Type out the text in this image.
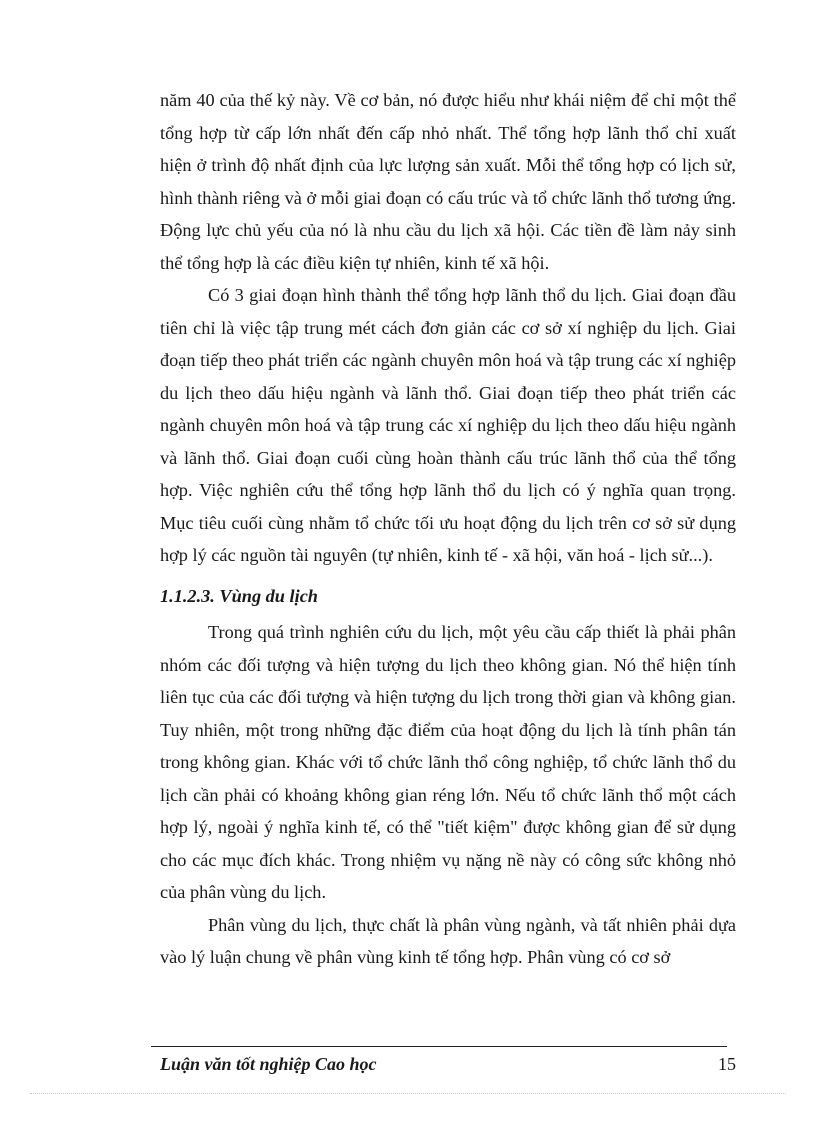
năm 40 của thế kỷ này. Về cơ bản, nó được hiểu như khái niệm để chỉ một thể tổng hợp từ cấp lớn nhất đến cấp nhỏ nhất. Thể tổng hợp lãnh thổ chỉ xuất hiện ở trình độ nhất định của lực lượng sản xuất. Mỗi thể tổng hợp có lịch sử, hình thành riêng và ở mỗi giai đoạn có cấu trúc và tổ chức lãnh thổ tương ứng. Động lực chủ yếu của nó là nhu cầu du lịch xã hội. Các tiền đề làm nảy sinh thể tổng hợp là các điều kiện tự nhiên, kinh tế xã hội.

Có 3 giai đoạn hình thành thể tổng hợp lãnh thổ du lịch. Giai đoạn đầu tiên chỉ là việc tập trung mét cách đơn giản các cơ sở xí nghiệp du lịch. Giai đoạn tiếp theo phát triển các ngành chuyên môn hoá và tập trung các xí nghiệp du lịch theo dấu hiệu ngành và lãnh thổ. Giai đoạn tiếp theo phát triển các ngành chuyên môn hoá và tập trung các xí nghiệp du lịch theo dấu hiệu ngành và lãnh thổ. Giai đoạn cuối cùng hoàn thành cấu trúc lãnh thổ của thể tổng hợp. Việc nghiên cứu thể tổng hợp lãnh thổ du lịch có ý nghĩa quan trọng. Mục tiêu cuối cùng nhằm tổ chức tối ưu hoạt động du lịch trên cơ sở sử dụng hợp lý các nguồn tài nguyên (tự nhiên, kinh tế - xã hội, văn hoá - lịch sử...).

1.1.2.3. Vùng du lịch

Trong quá trình nghiên cứu du lịch, một yêu cầu cấp thiết là phải phân nhóm các đối tượng và hiện tượng du lịch theo không gian. Nó thể hiện tính liên tục của các đối tượng và hiện tượng du lịch trong thời gian và không gian. Tuy nhiên, một trong những đặc điểm của hoạt động du lịch là tính phân tán trong không gian. Khác với tổ chức lãnh thổ công nghiệp, tổ chức lãnh thổ du lịch cần phải có khoảng không gian réng lớn. Nếu tổ chức lãnh thổ một cách hợp lý, ngoài ý nghĩa kinh tế, có thể "tiết kiệm" được không gian để sử dụng cho các mục đích khác. Trong nhiệm vụ nặng nề này có công sức không nhỏ của phân vùng du lịch.

Phân vùng du lịch, thực chất là phân vùng ngành, và tất nhiên phải dựa vào lý luận chung về phân vùng kinh tế tổng hợp. Phân vùng có cơ sở

Luận văn tốt nghiệp Cao học	15
